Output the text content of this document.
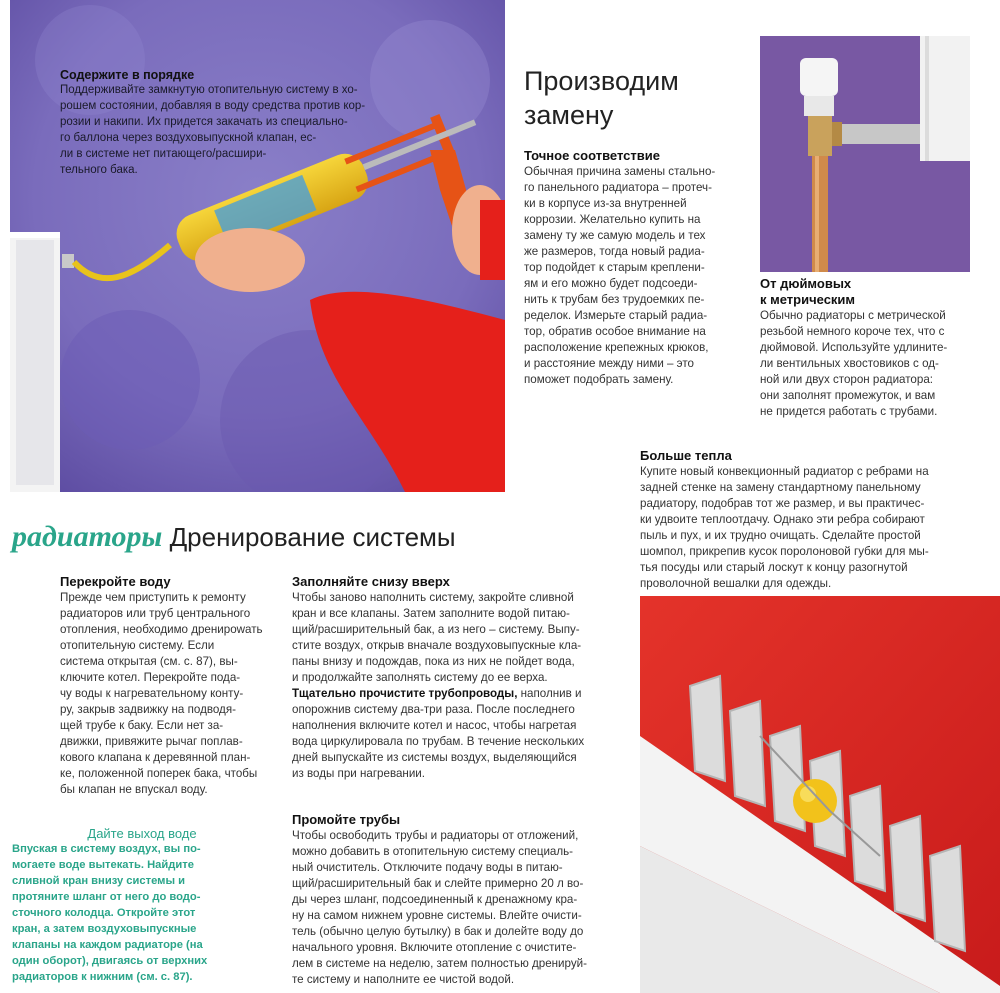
Содержите в порядке
Поддерживайте замкнутую отопительную систему в хо-
рошем состоянии, добавляя в воду средства против кор-
розии и накипи. Их придется закачать из специально-
го баллона через воздуховыпускной клапан, ес-
ли в системе нет питающего/расшири-
тельного бака.
Производим
замену
Точное соответствие
Обычная причина замены стально-
го панельного радиатора – протеч-
ки в корпусе из-за внутренней
коррозии. Желательно купить на
замену ту же самую модель и тех
же размеров, тогда новый радиа-
тор подойдет к старым креплени-
ям и его можно будет подсоеди-
нить к трубам без трудоемких пе-
ределок. Измерьте старый радиа-
тор, обратив особое внимание на
расположение крепежных крюков,
и расстояние между ними – это
поможет подобрать замену.
От дюймовых
к метрическим
Обычно радиаторы с метрической
резьбой немного короче тех, что с
дюймовой. Используйте удлините-
ли вентильных хвостовиков с од-
ной или двух сторон радиатора:
они заполнят промежуток, и вам
не придется работать с трубами.
Больше тепла
Купите новый конвекционный радиатор с ребрами на
задней стенке на замену стандартному панельному
радиатору, подобрав тот же размер, и вы практичес-
ки удвоите теплоотдачу. Однако эти ребра собирают
пыль и пух, и их трудно очищать. Сделайте простой
шомпол, прикрепив кусок поролоновой губки для мы-
тья посуды или старый лоскут к концу разогнутой
проволочной вешалки для одежды.
радиаторы Дренирование системы
Перекройте воду
Прежде чем приступить к ремонту
радиаторов или труб центрального
отопления, необходимо дренироwать
отопительную систему. Если
система открытая (см. с. 87), вы-
ключите котел. Перекройте пода-
чу воды к нагревательному конту-
ру, закрыв задвижку на подводя-
щей трубе к баку. Если нет за-
движки, привяжите рычаг поплав-
кового клапана к деревянной план-
ке, положенной поперек бака, чтобы
бы клапан не впускал воду.
Дайте выход воде
Впуская в систему воздух, вы по-
могаете воде вытекать. Найдите
сливной кран внизу системы и
протяните шланг от него до водо-
сточного колодца. Откройте этот
кран, а затем воздуховыпускные
клапаны на каждом радиаторе (на
один оборот), двигаясь от верхних
радиаторов к нижним (см. с. 87).
Заполняйте снизу вверх
Чтобы заново наполнить систему, закройте сливной
кран и все клапаны. Затем заполните водой питаю-
щий/расширительный бак, а из него – систему. Выпу-
стите воздух, открыв вначале воздуховыпускные кла-
паны внизу и подождав, пока из них не пойдет вода,
и продолжайте заполнять систему до ее верха.
Тщательно прочистите трубопроводы, наполнив и
опорожнив систему два-три раза. После последнего
наполнения включите котел и насос, чтобы нагретая
вода циркулировала по трубам. В течение нескольких
дней выпускайте из системы воздух, выделяющийся
из воды при нагревании.
Промойте трубы
Чтобы освободить трубы и радиаторы от отложений,
можно добавить в отопительную систему специаль-
ный очиститель. Отключите подачу воды в питаю-
щий/расширительный бак и слейте примерно 20 л во-
ды через шланг, подсоединенный к дренажному кра-
ну на самом нижнем уровне системы. Влейте очисти-
тель (обычно целую бутылку) в бак и долейте воду до
начального уровня. Включите отопление с очистите-
лем в системе на неделю, затем полностью дренируй-
те систему и наполните ее чистой водой.
